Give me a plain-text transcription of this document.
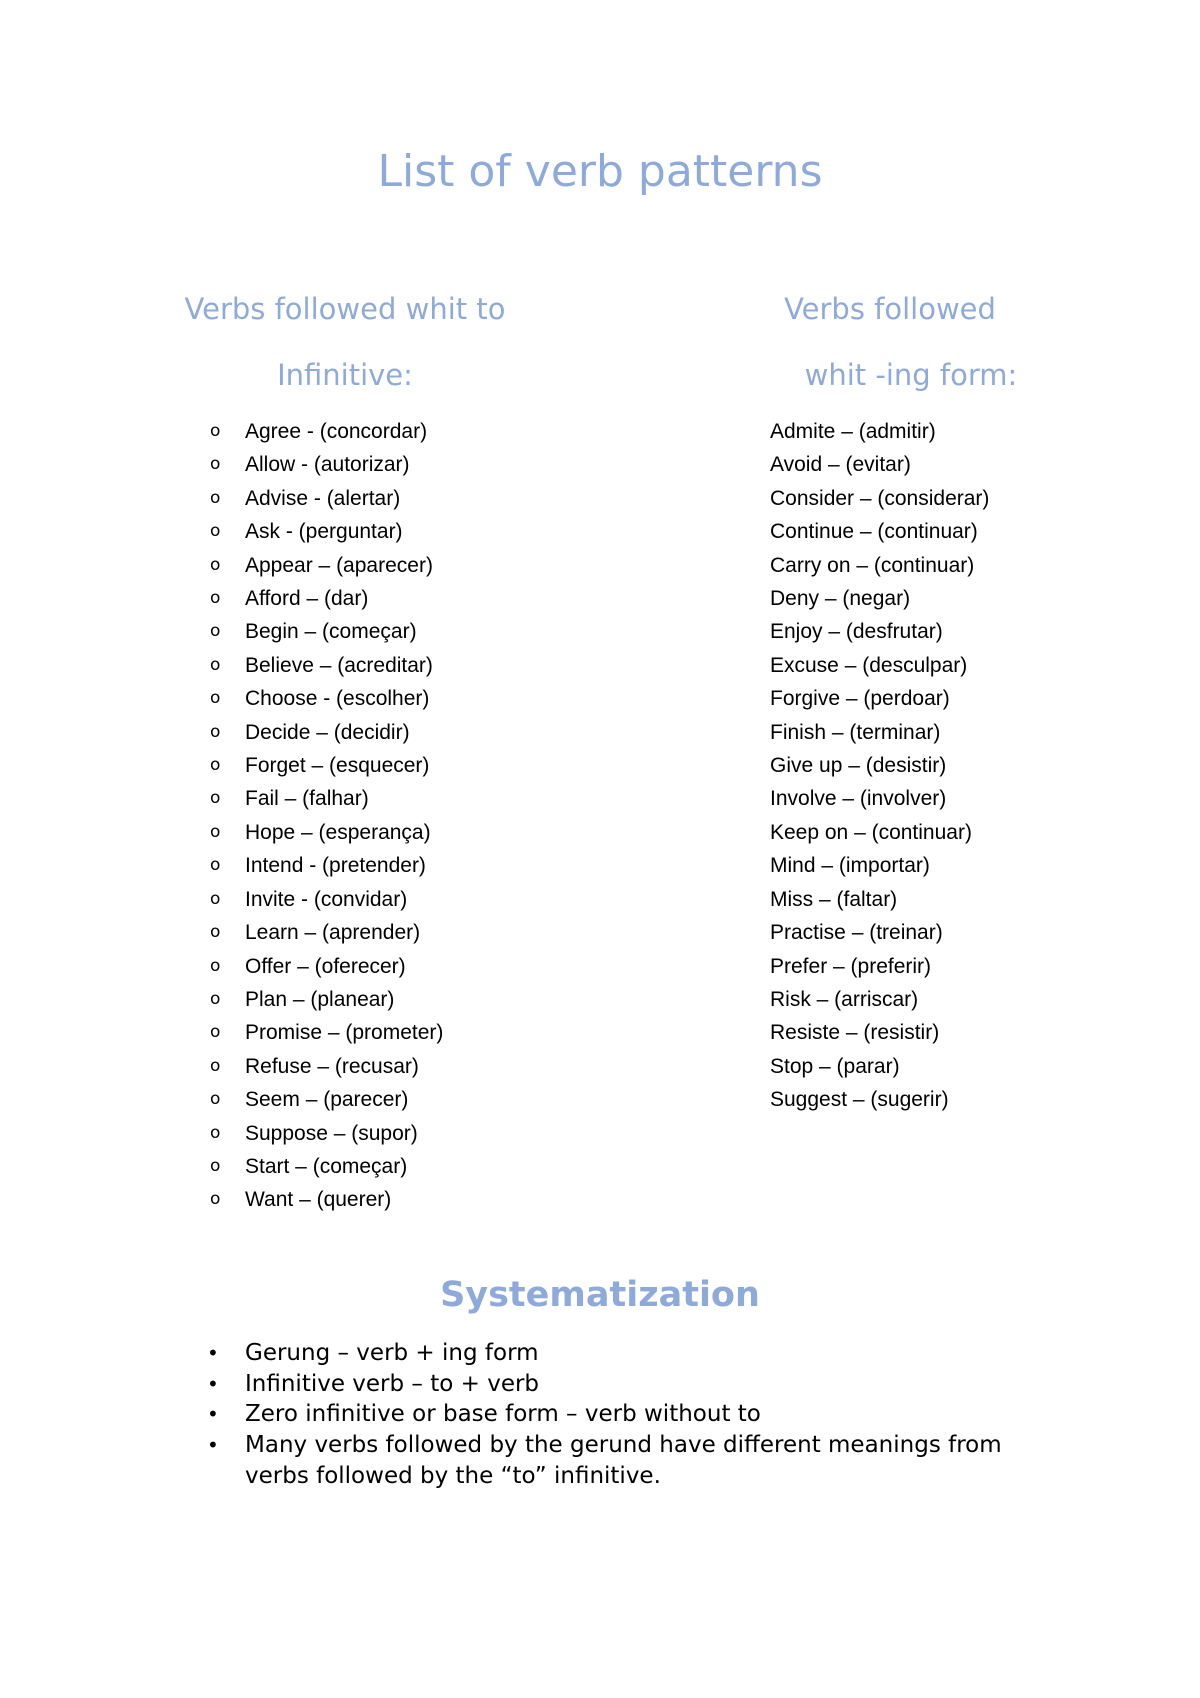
List of verb patterns
Verbs followed whit to
Infinitive:
Verbs followed
whit -ing form:
o Agree - (concordar)
o Allow - (autorizar)
o Advise - (alertar)
o Ask - (perguntar)
o Appear – (aparecer)
o Afford – (dar)
o Begin – (começar)
o Believe – (acreditar)
o Choose - (escolher)
o Decide – (decidir)
o Forget – (esquecer)
o Fail – (falhar)
o Hope – (esperança)
o Intend - (pretender)
o Invite - (convidar)
o Learn – (aprender)
o Offer – (oferecer)
o Plan – (planear)
o Promise – (prometer)
o Refuse – (recusar)
o Seem – (parecer)
o Suppose – (supor)
o Start – (começar)
o Want – (querer)
Admite – (admitir)
Avoid – (evitar)
Consider – (considerar)
Continue – (continuar)
Carry on – (continuar)
Deny – (negar)
Enjoy – (desfrutar)
Excuse – (desculpar)
Forgive – (perdoar)
Finish – (terminar)
Give up – (desistir)
Involve – (involver)
Keep on – (continuar)
Mind – (importar)
Miss – (faltar)
Practise – (treinar)
Prefer – (preferir)
Risk – (arriscar)
Resiste – (resistir)
Stop – (parar)
Suggest – (sugerir)
Systematization
• Gerung – verb + ing form
• Infinitive verb – to + verb
• Zero infinitive or base form – verb without to
• Many verbs followed by the gerund have different meanings from verbs followed by the “to” infinitive.
